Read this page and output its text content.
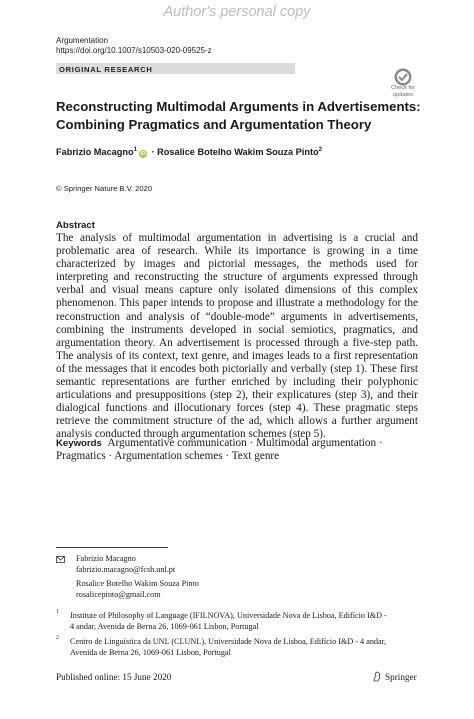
Author's personal copy
Argumentation
https://doi.org/10.1007/s10503-020-09525-z
ORIGINAL RESEARCH
Check for
updates
Reconstructing Multimodal Arguments in Advertisements: Combining Pragmatics and Argumentation Theory
Fabrizio Macagno$^1$iD · Rosalice Botelho Wakim Souza Pinto$^2$
© Springer Nature B.V. 2020
Abstract
The analysis of multimodal argumentation in advertising is a crucial and problematic area of research. While its importance is growing in a time characterized by images and pictorial messages, the methods used for interpreting and reconstructing the structure of arguments expressed through verbal and visual means capture only isolated dimensions of this complex phenomenon. This paper intends to propose and illustrate a methodology for the reconstruction and analysis of “double-mode” arguments in advertisements, combining the instruments developed in social semiotics, pragmatics, and argumentation theory. An advertisement is processed through a five-step path. The analysis of its context, text genre, and images leads to a first representation of the messages that it encodes both pictorially and verbally (step 1). These first semantic representations are further enriched by including their polyphonic articulations and presuppositions (step 2), their explicatures (step 3), and their dialogical functions and illocutionary forces (step 4). These pragmatic steps retrieve the commitment structure of the ad, which allows a further argument analysis conducted through argumentation schemes (step 5).
Keywords Argumentative communication · Multimodal argumentation · Pragmatics · Argumentation schemes · Text genre
Fabrizio Macagno
fabrizio.macagno@fcsh.unl.pt
Rosalice Botelho Wakim Souza Pinto
rosalicepinto@gmail.com
1 Institute of Philosophy of Language (IFILNOVA), Universidade Nova de Lisboa, Edifício I&D -
4 andar, Avenida de Berna 26, 1069-061 Lisbon, Portugal
2 Centro de Linguística da UNL (CLUNL), Universidade Nova de Lisboa, Edifício I&D - 4 andar,
Avenida de Berna 26, 1069-061 Lisbon, Portugal
Published online: 15 June 2020	Springer
